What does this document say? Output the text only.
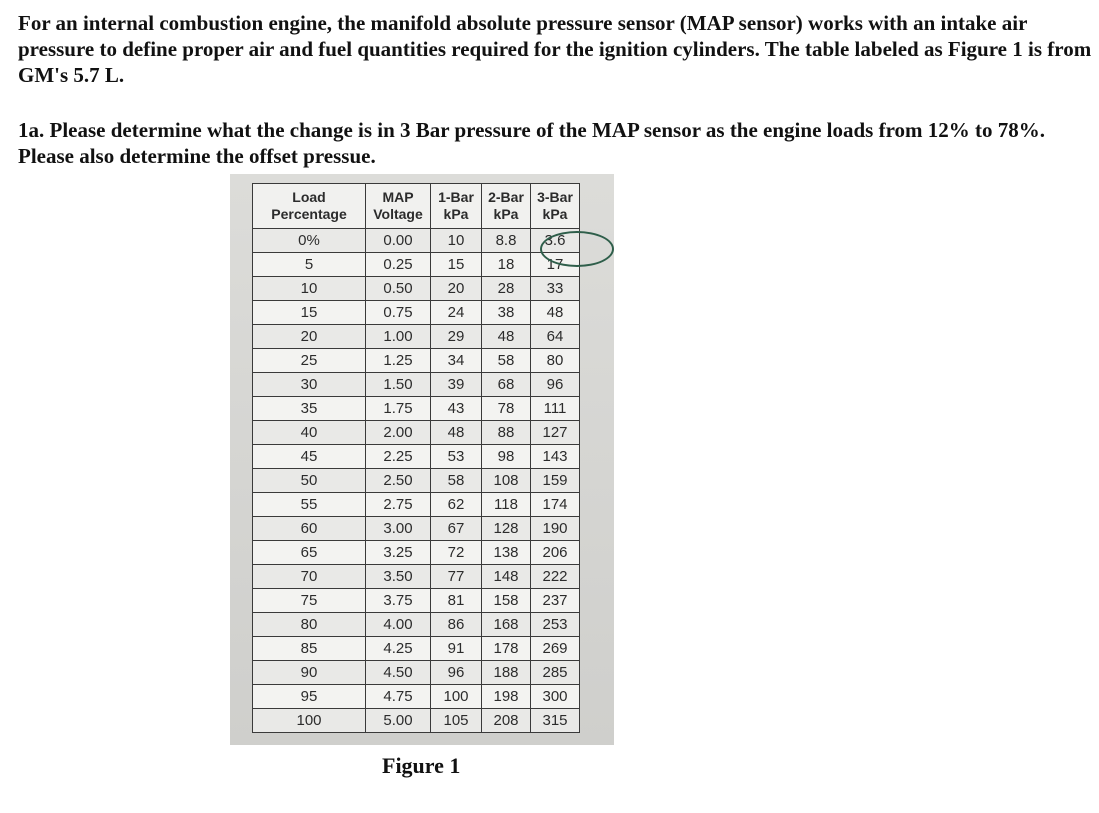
For an internal combustion engine, the manifold absolute pressure sensor (MAP sensor) works with an intake air pressure to define proper air and fuel quantities required for the ignition cylinders. The table labeled as Figure 1 is from GM's 5.7 L.

1a. Please determine what the change is in 3 Bar pressure of the MAP sensor as the engine loads from 12% to 78%. Please also determine the offset pressue.

Load Percentage	MAP Voltage	1-Bar kPa	2-Bar kPa	3-Bar kPa
0%	0.00	10	8.8	3.6
5	0.25	15	18	17
10	0.50	20	28	33
15	0.75	24	38	48
20	1.00	29	48	64
25	1.25	34	58	80
30	1.50	39	68	96
35	1.75	43	78	111
40	2.00	48	88	127
45	2.25	53	98	143
50	2.50	58	108	159
55	2.75	62	118	174
60	3.00	67	128	190
65	3.25	72	138	206
70	3.50	77	148	222
75	3.75	81	158	237
80	4.00	86	168	253
85	4.25	91	178	269
90	4.50	96	188	285
95	4.75	100	198	300
100	5.00	105	208	315
Figure 1
